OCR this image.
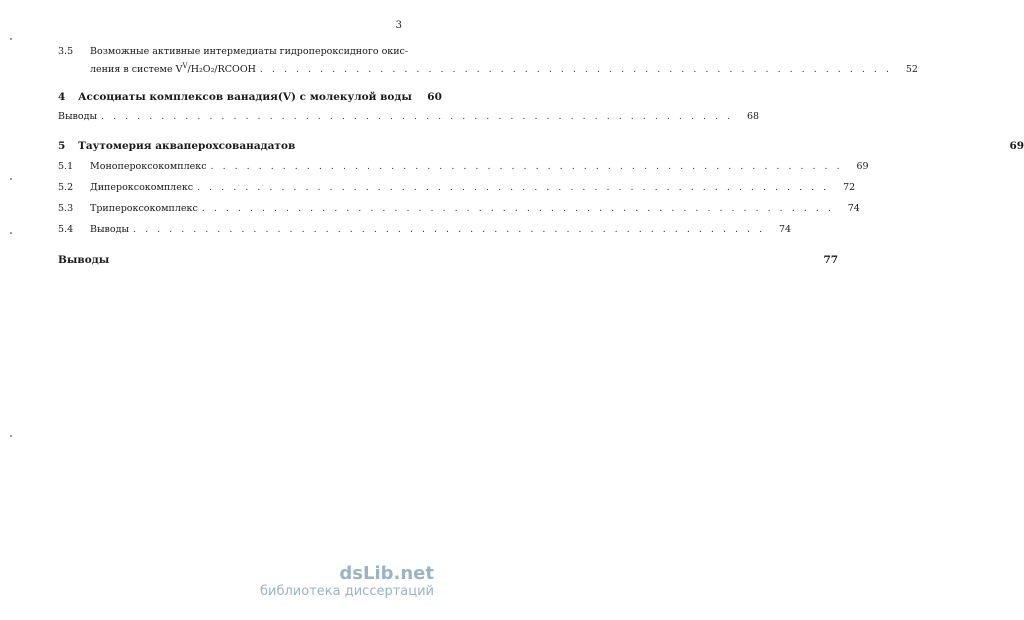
3
3.5	Возможные активные интермедиаты гидропероксидного окис-
ления в системе $V^V/H_2O_2$/RCOOH . . .	52
4	Ассоциаты комплексов ванадия(V) с молекулой воды	60
Выводы . . .	68
5	Таутомерия акваперохсованадатов	69
5.1	Монопероксокомплекс . . .	69
5.2	Дипероксокомплекс . . .	72
5.3	Трипероксокомплекс . . .	74
5.4	Выводы . . .	74
Выводы	77
dsLib.net
библиотека диссертаций
